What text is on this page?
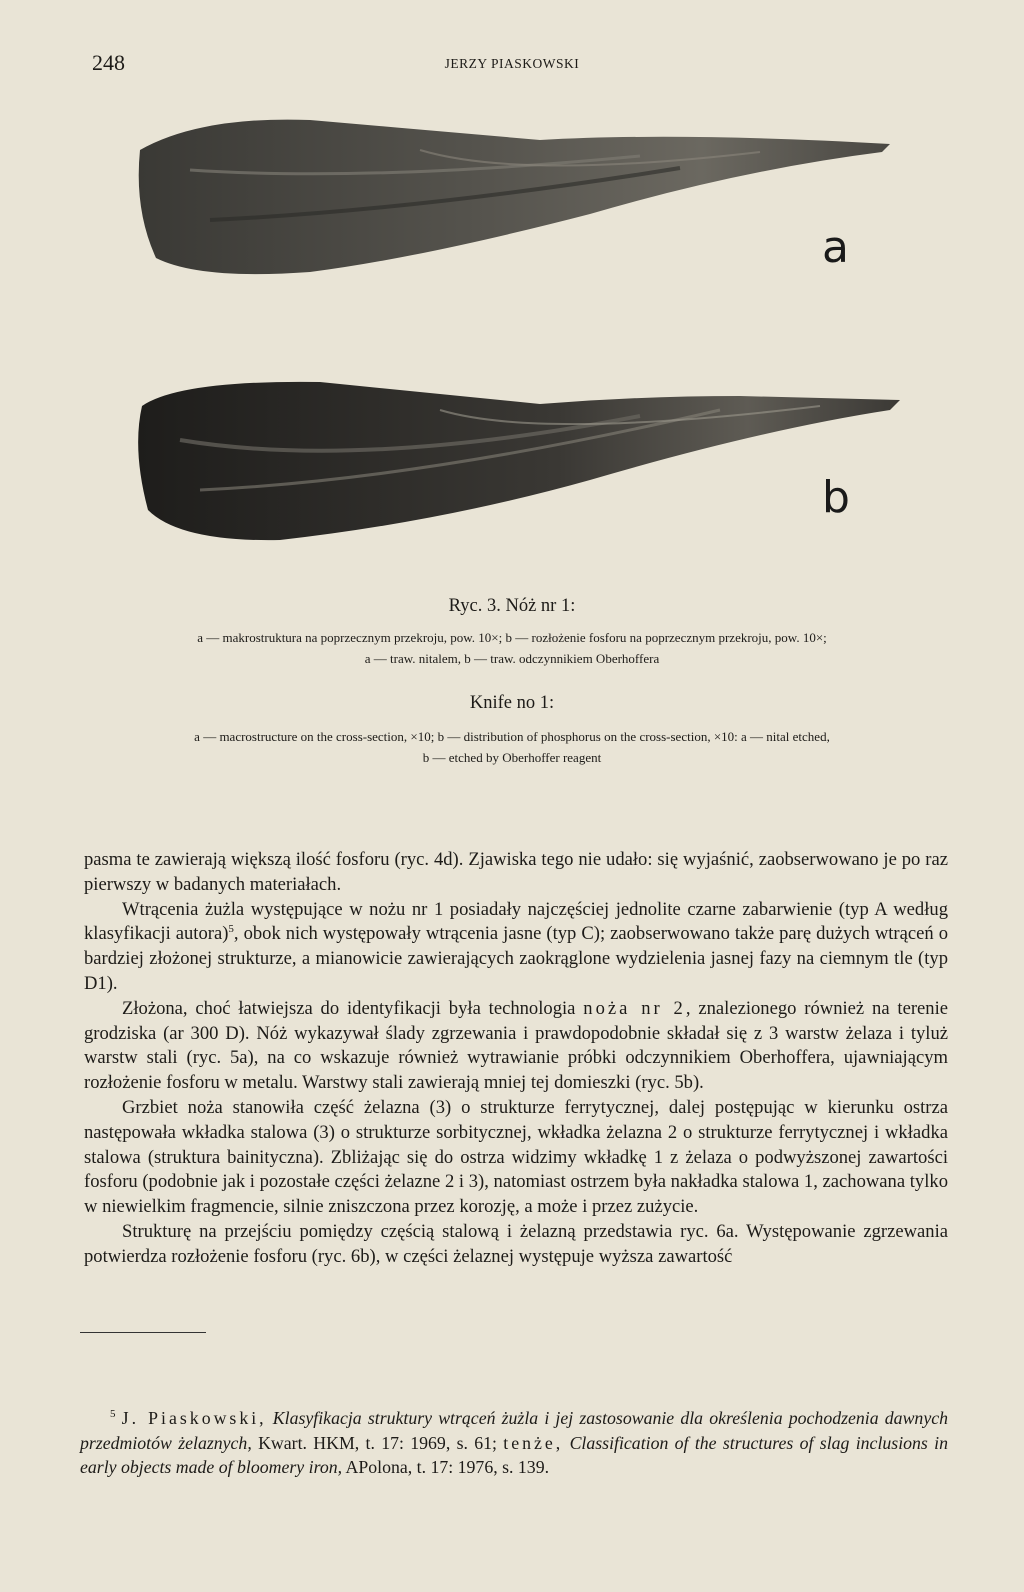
248	JERZY PIASKOWSKI
a
b

Ryc. 3. Nóż nr 1:

a — makrostruktura na poprzecznym przekroju, pow. 10×; b — rozłożenie fosforu na poprzecznym przekroju, pow. 10×;

a — traw. nitalem, b — traw. odczynnikiem Oberhoffera

Knife no 1:

a — macrostructure on the cross-section, ×10; b — distribution of phosphorus on the cross-section, ×10: a — nital etched,

b — etched by Oberhoffer reagent

pasma te zawierają większą ilość fosforu (ryc. 4d). Zjawiska tego nie udało: się wyjaśnić, zaobserwowano je po raz pierwszy w badanych materiałach.

Wtrącenia żużla występujące w nożu nr 1 posiadały najczęściej jednolite czarne zabarwienie (typ A według klasyfikacji autora)$^5$, obok nich występowały wtrącenia jasne (typ C); zaobserwowano także parę dużych wtrąceń o bardziej złożonej strukturze, a mianowicie zawierających zaokrąglone wydzielenia jasnej fazy na ciemnym tle (typ D1).

Złożona, choć łatwiejsza do identyfikacji była technologia noża nr 2, znalezionego również na terenie grodziska (ar 300 D). Nóż wykazywał ślady zgrzewania i prawdopodobnie składał się z 3 warstw żelaza i tyluż warstw stali (ryc. 5a), na co wskazuje również wytrawianie próbki odczynnikiem Oberhoffera, ujawniającym rozłożenie fosforu w metalu. Warstwy stali zawierają mniej tej domieszki (ryc. 5b).

Grzbiet noża stanowiła część żelazna (3) o strukturze ferrytycznej, dalej postępując w kierunku ostrza następowała wkładka stalowa (3) o strukturze sorbitycznej, wkładka żelazna 2 o strukturze ferrytycznej i wkładka stalowa (struktura bainityczna). Zbliżając się do ostrza widzimy wkładkę 1 z żelaza o podwyższonej zawartości fosforu (podobnie jak i pozostałe części żelazne 2 i 3), natomiast ostrzem była nakładka stalowa 1, zachowana tylko w niewielkim fragmencie, silnie zniszczona przez korozję, a może i przez zużycie.

Strukturę na przejściu pomiędzy częścią stalową i żelazną przedstawia ryc. 6a. Występowanie zgrzewania potwierdza rozłożenie fosforu (ryc. 6b), w części żelaznej występuje wyższa zawartość

$^5$ J. Piaskowski, Klasyfikacja struktury wtrąceń żużla i jej zastosowanie dla określenia pochodzenia dawnych przedmiotów żelaznych, Kwart. HKM, t. 17: 1969, s. 61; tenże, Classification of the structures of slag inclusions in early objects made of bloomery iron, APolona, t. 17: 1976, s. 139.
